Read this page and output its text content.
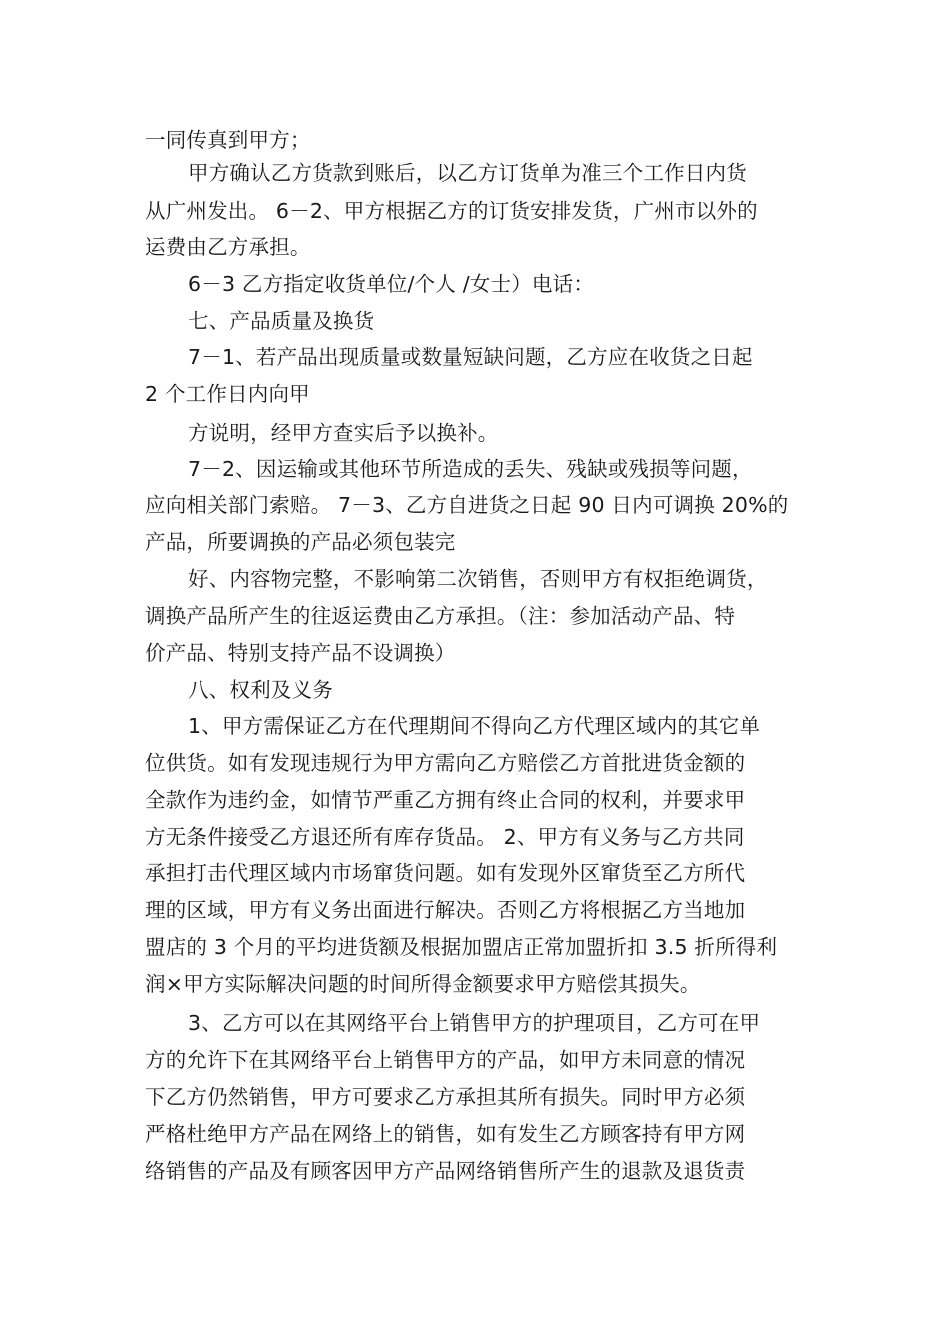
一同传真到甲方；
甲方确认乙方货款到账后，以乙方订货单为准三个工作日内货
从广州发出。 6－2、甲方根据乙方的订货安排发货，广州市以外的
运费由乙方承担。
6－3 乙方指定收货单位/个人 /女士）电话：
七、产品质量及换货
7－1、若产品出现质量或数量短缺问题，乙方应在收货之日起
2 个工作日内向甲
方说明，经甲方查实后予以换补。
7－2、因运输或其他环节所造成的丢失、残缺或残损等问题，
应向相关部门索赔。 7－3、乙方自进货之日起 90 日内可调换 20%的
产品，所要调换的产品必须包装完
好、内容物完整，不影响第二次销售，否则甲方有权拒绝调货，
调换产品所产生的往返运费由乙方承担。（注：参加活动产品、特
价产品、特别支持产品不设调换）
八、权利及义务
1、甲方需保证乙方在代理期间不得向乙方代理区域内的其它单
位供货。如有发现违规行为甲方需向乙方赔偿乙方首批进货金额的
全款作为违约金，如情节严重乙方拥有终止合同的权利，并要求甲
方无条件接受乙方退还所有库存货品。 2、甲方有义务与乙方共同
承担打击代理区域内市场窜货问题。如有发现外区窜货至乙方所代
理的区域，甲方有义务出面进行解决。否则乙方将根据乙方当地加
盟店的 3 个月的平均进货额及根据加盟店正常加盟折扣 3.5 折所得利
润×甲方实际解决问题的时间所得金额要求甲方赔偿其损失。
3、乙方可以在其网络平台上销售甲方的护理项目，乙方可在甲
方的允许下在其网络平台上销售甲方的产品，如甲方未同意的情况
下乙方仍然销售，甲方可要求乙方承担其所有损失。同时甲方必须
严格杜绝甲方产品在网络上的销售，如有发生乙方顾客持有甲方网
络销售的产品及有顾客因甲方产品网络销售所产生的退款及退货责
